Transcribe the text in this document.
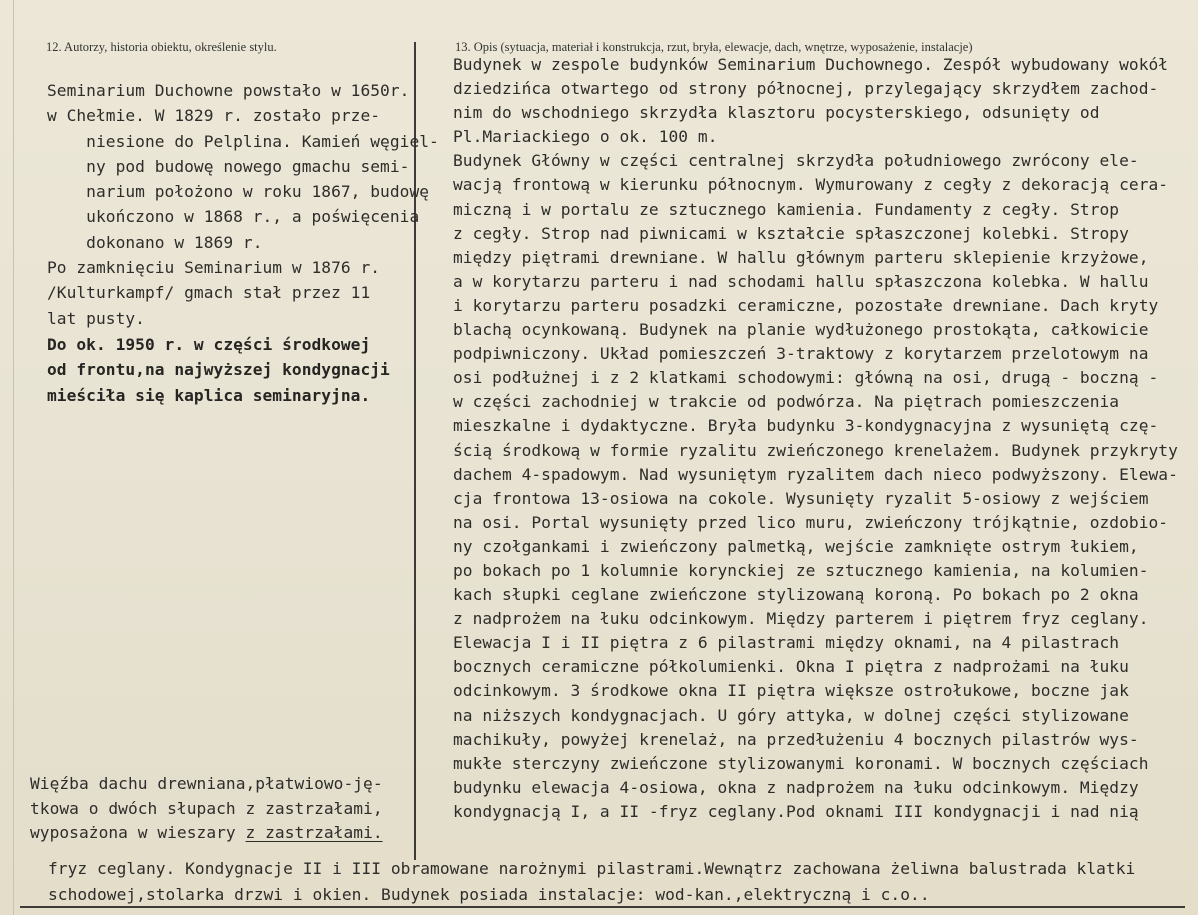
12. Autorzy, historia obiektu, określenie stylu.	13. Opis (sytuacja, materiał i konstrukcja, rzut, bryła, elewacje, dach, wnętrze, wyposażenie, instalacje)
Seminarium Duchowne powstało w 1650r.
w Chełmie. W 1829 r. zostało prze-
niesione do Pelplina. Kamień węgiel-
ny pod budowę nowego gmachu semi-
narium położono w roku 1867, budowę
ukończono w 1868 r., a poświęcenia
dokonano w 1869 r.
Po zamknięciu Seminarium w 1876 r.
/Kulturkampf/ gmach stał przez 11
lat pusty.
Do ok. 1950 r. w części środkowej
od frontu,na najwyższej kondygnacji
mieściła się kaplica seminaryjna.
Budynek w zespole budynków Seminarium Duchownego. Zespół wybudowany wokół
dziedzińca otwartego od strony północnej, przylegający skrzydłem zachod-
nim do wschodniego skrzydła klasztoru pocysterskiego, odsunięty od
Pl.Mariackiego o ok. 100 m.
Budynek Główny w części centralnej skrzydła południowego zwrócony ele-
wacją frontową w kierunku północnym. Wymurowany z cegły z dekoracją cera-
miczną i w portalu ze sztucznego kamienia. Fundamenty z cegły. Strop
z cegły. Strop nad piwnicami w kształcie spłaszczonej kolebki. Stropy
między piętrami drewniane. W hallu głównym parteru sklepienie krzyżowe,
a w korytarzu parteru i nad schodami hallu spłaszczona kolebka. W hallu
i korytarzu parteru posadzki ceramiczne, pozostałe drewniane. Dach kryty
blachą ocynkowaną. Budynek na planie wydłużonego prostokąta, całkowicie
podpiwniczony. Układ pomieszczeń 3-traktowy z korytarzem przelotowym na
osi podłużnej i z 2 klatkami schodowymi: główną na osi, drugą - boczną -
w części zachodniej w trakcie od podwórza. Na piętrach pomieszczenia
mieszkalne i dydaktyczne. Bryła budynku 3-kondygnacyjna z wysuniętą czę-
ścią środkową w formie ryzalitu zwieńczonego krenelażem. Budynek przykryty
dachem 4-spadowym. Nad wysuniętym ryzalitem dach nieco podwyższony. Elewa-
cja frontowa 13-osiowa na cokole. Wysunięty ryzalit 5-osiowy z wejściem
na osi. Portal wysunięty przed lico muru, zwieńczony trójkątnie, ozdobio-
ny czołgankami i zwieńczony palmetką, wejście zamknięte ostrym łukiem,
po bokach po 1 kolumnie korynckiej ze sztucznego kamienia, na kolumien-
kach słupki ceglane zwieńczone stylizowaną koroną. Po bokach po 2 okna
z nadprożem na łuku odcinkowym. Między parterem i piętrem fryz ceglany.
Elewacja I i II piętra z 6 pilastrami między oknami, na 4 pilastrach
bocznych ceramiczne półkolumienki. Okna I piętra z nadprożami na łuku
odcinkowym. 3 środkowe okna II piętra większe ostrołukowe, boczne jak
na niższych kondygnacjach. U góry attyka, w dolnej części stylizowane
machikuły, powyżej krenelaż, na przedłużeniu 4 bocznych pilastrów wys-
mukłe sterczyny zwieńczone stylizowanymi koronami. W bocznych częściach
budynku elewacja 4-osiowa, okna z nadprożem na łuku odcinkowym. Między
kondygnacją I, a II -fryz ceglany.Pod oknami III kondygnacji i nad nią
Więźba dachu drewniana,płatwiowo-ję-
tkowa o dwóch słupach z zastrzałami,
wyposażona w wieszary z zastrzałami.
fryz ceglany. Kondygnacje II i III obramowane narożnymi pilastrami.Wewnątrz zachowana żeliwna balustrada klatki
schodowej,stolarka drzwi i okien. Budynek posiada instalacje: wod-kan.,elektryczną i c.o..
